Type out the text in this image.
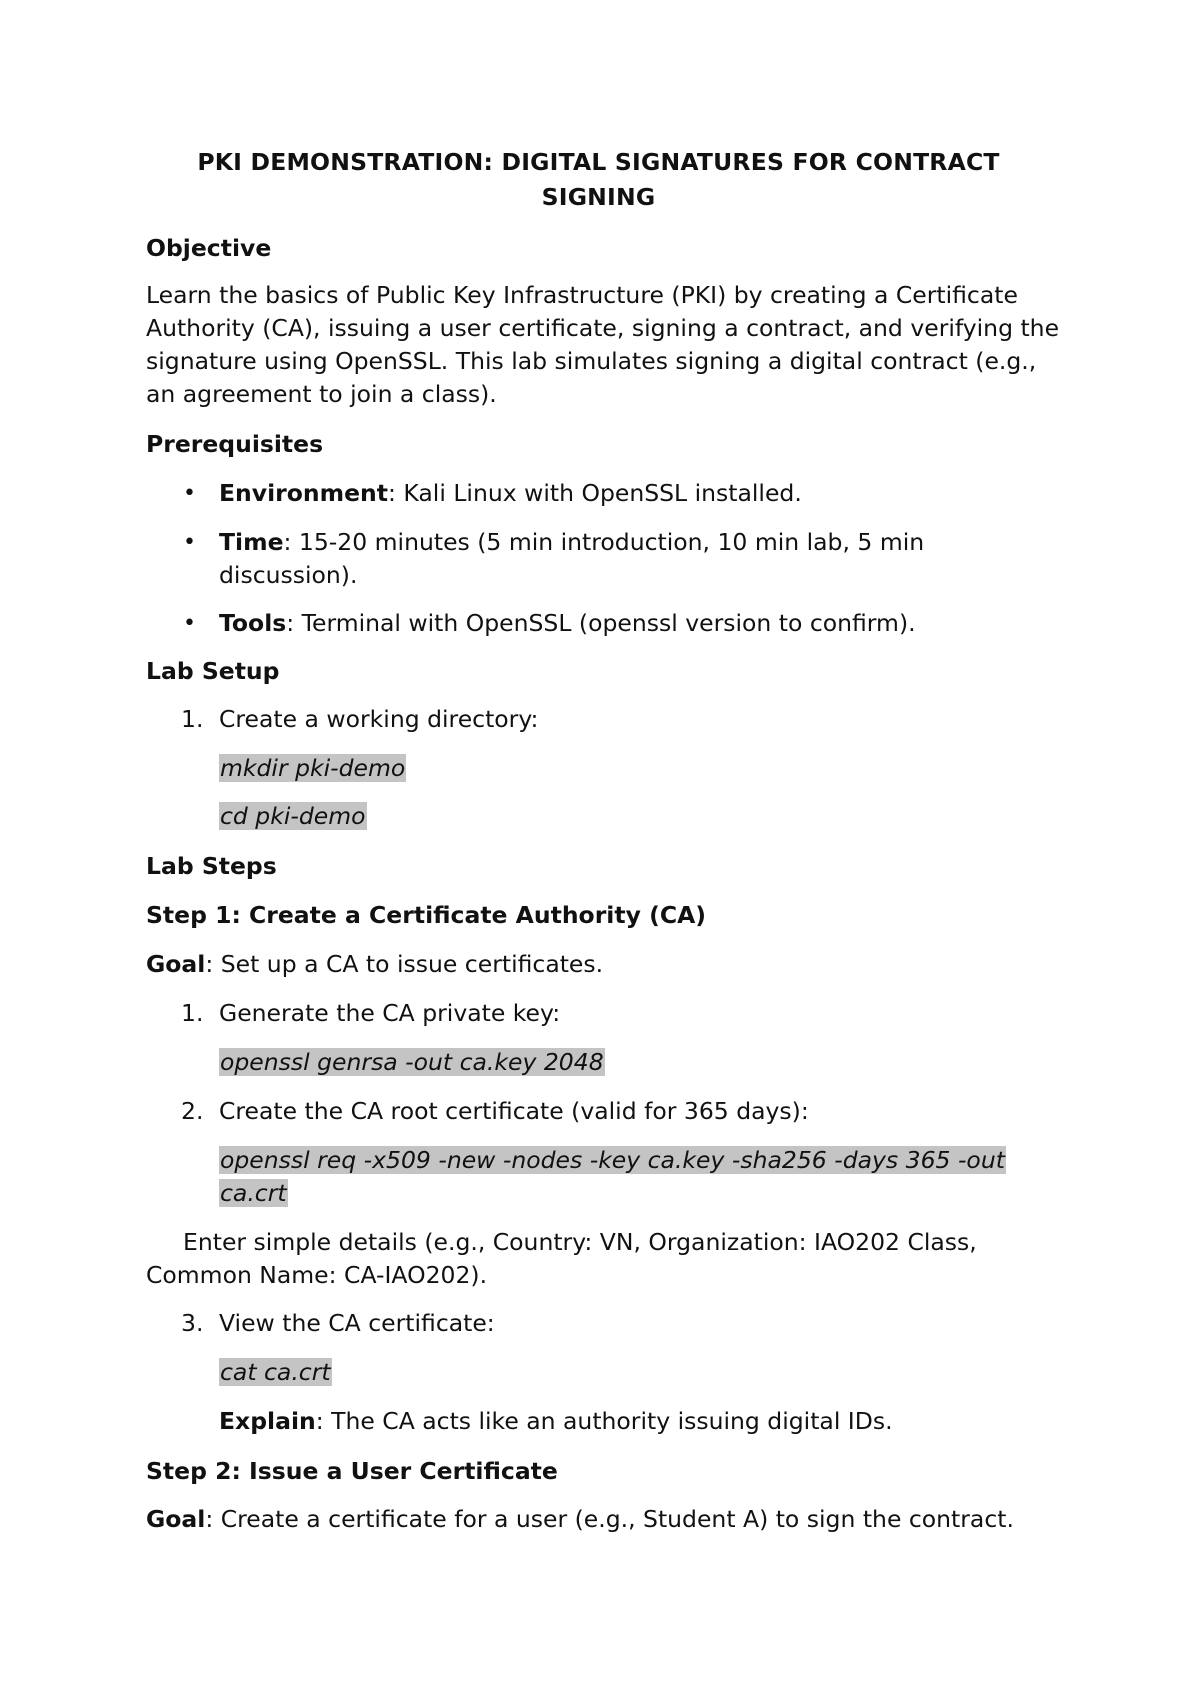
PKI DEMONSTRATION: DIGITAL SIGNATURES FOR CONTRACT SIGNING
Objective
Learn the basics of Public Key Infrastructure (PKI) by creating a Certificate Authority (CA), issuing a user certificate, signing a contract, and verifying the signature using OpenSSL. This lab simulates signing a digital contract (e.g., an agreement to join a class).
Prerequisites
• Environment: Kali Linux with OpenSSL installed.
• Time: 15-20 minutes (5 min introduction, 10 min lab, 5 min discussion).
• Tools: Terminal with OpenSSL (openssl version to confirm).
Lab Setup
1. Create a working directory:
mkdir pki-demo
cd pki-demo
Lab Steps
Step 1: Create a Certificate Authority (CA)
Goal: Set up a CA to issue certificates.
1. Generate the CA private key:
openssl genrsa -out ca.key 2048
2. Create the CA root certificate (valid for 365 days):
openssl req -x509 -new -nodes -key ca.key -sha256 -days 365 -out
ca.crt
Enter simple details (e.g., Country: VN, Organization: IAO202 Class, Common Name: CA-IAO202).
3. View the CA certificate:
cat ca.crt
Explain: The CA acts like an authority issuing digital IDs.
Step 2: Issue a User Certificate
Goal: Create a certificate for a user (e.g., Student A) to sign the contract.
